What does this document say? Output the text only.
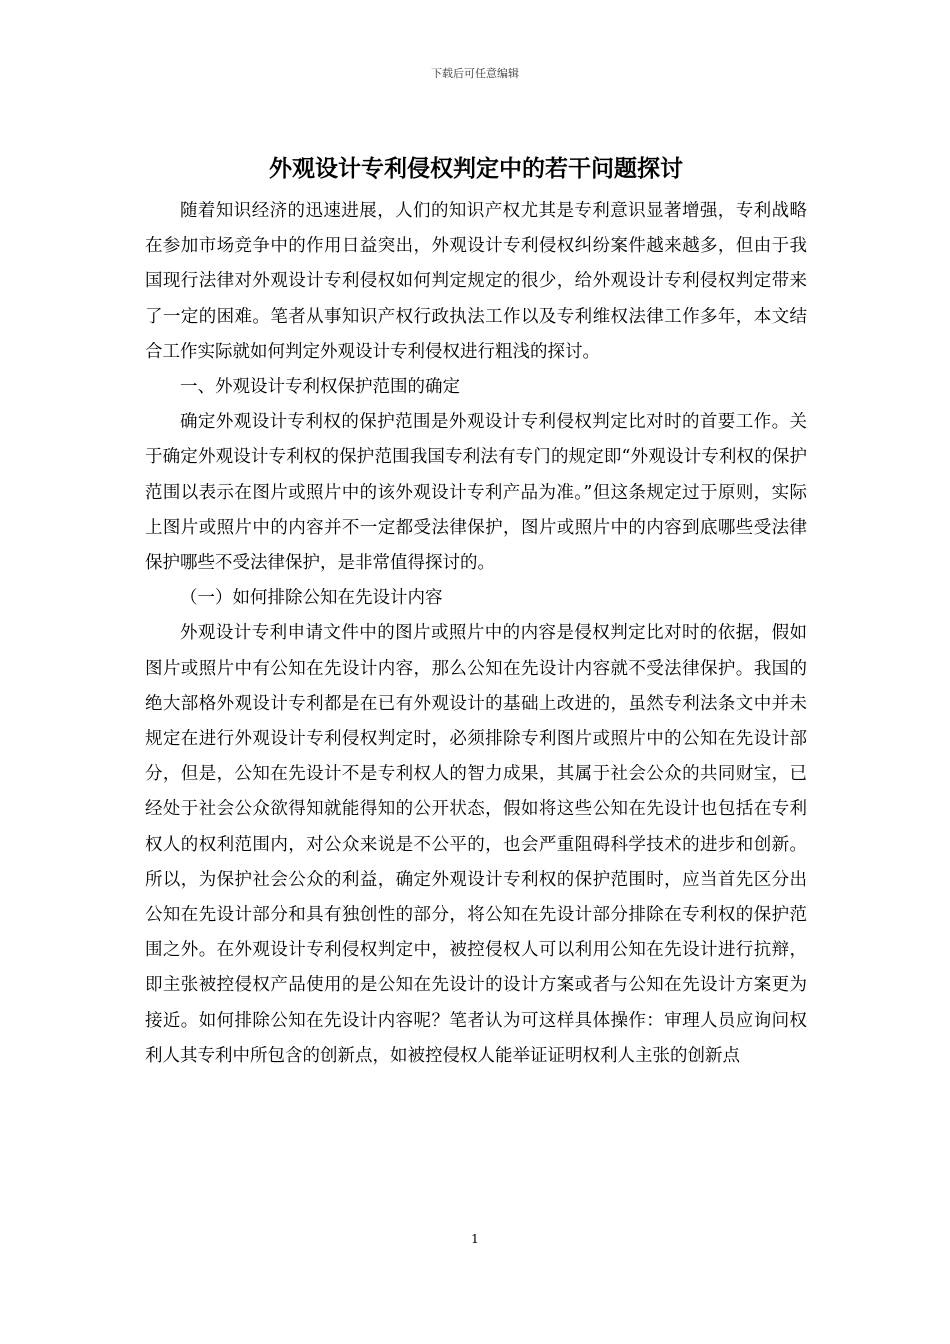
下载后可任意编辑
外观设计专利侵权判定中的若干问题探讨

随着知识经济的迅速进展，人们的知识产权尤其是专利意识显著增强，专利战略在参加市场竞争中的作用日益突出，外观设计专利侵权纠纷案件越来越多，但由于我国现行法律对外观设计专利侵权如何判定规定的很少，给外观设计专利侵权判定带来了一定的困难。笔者从事知识产权行政执法工作以及专利维权法律工作多年，本文结合工作实际就如何判定外观设计专利侵权进行粗浅的探讨。

一、外观设计专利权保护范围的确定

确定外观设计专利权的保护范围是外观设计专利侵权判定比对时的首要工作。关于确定外观设计专利权的保护范围我国专利法有专门的规定即“外观设计专利权的保护范围以表示在图片或照片中的该外观设计专利产品为准。”但这条规定过于原则，实际上图片或照片中的内容并不一定都受法律保护，图片或照片中的内容到底哪些受法律保护哪些不受法律保护，是非常值得探讨的。

（一）如何排除公知在先设计内容

外观设计专利申请文件中的图片或照片中的内容是侵权判定比对时的依据，假如图片或照片中有公知在先设计内容，那么公知在先设计内容就不受法律保护。我国的绝大部格外观设计专利都是在已有外观设计的基础上改进的，虽然专利法条文中并未规定在进行外观设计专利侵权判定时，必须排除专利图片或照片中的公知在先设计部分，但是，公知在先设计不是专利权人的智力成果，其属于社会公众的共同财宝，已经处于社会公众欲得知就能得知的公开状态，假如将这些公知在先设计也包括在专利权人的权利范围内，对公众来说是不公平的，也会严重阻碍科学技术的进步和创新。所以，为保护社会公众的利益，确定外观设计专利权的保护范围时，应当首先区分出公知在先设计部分和具有独创性的部分，将公知在先设计部分排除在专利权的保护范围之外。在外观设计专利侵权判定中，被控侵权人可以利用公知在先设计进行抗辩，即主张被控侵权产品使用的是公知在先设计的设计方案或者与公知在先设计方案更为接近。如何排除公知在先设计内容呢？笔者认为可这样具体操作：审理人员应询问权利人其专利中所包含的创新点，如被控侵权人能举证证明权利人主张的创新点

1
